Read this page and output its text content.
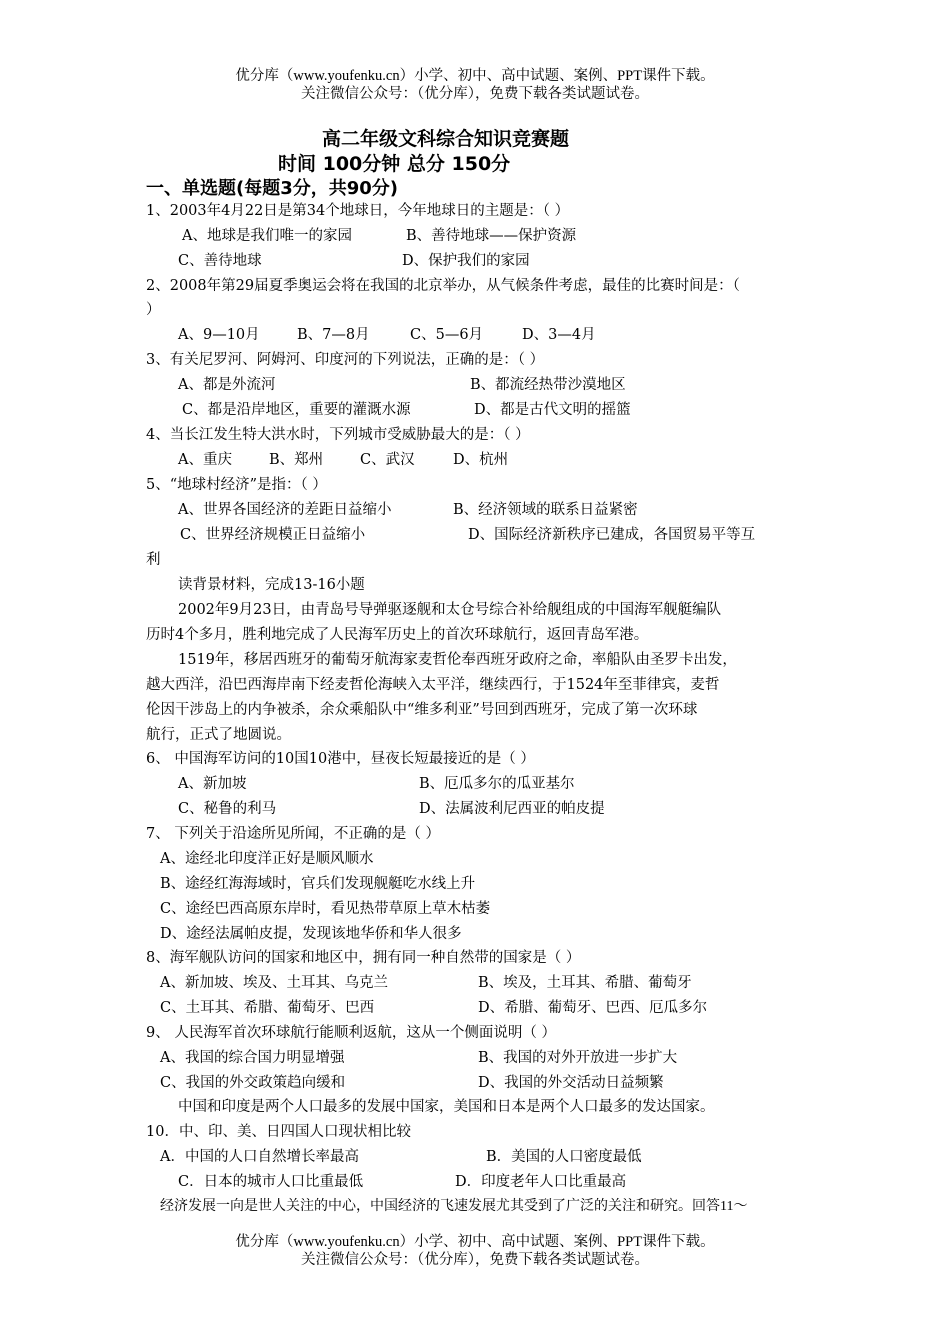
优分库（www.youfenku.cn）小学、初中、高中试题、案例、PPT课件下载。
关注微信公众号：（优分库），免费下载各类试题试卷。
高二年级文科综合知识竞赛题
时间 100分钟 总分 150分
一、单选题(每题3分，共90分)
1、2003年4月22日是第34个地球日，今年地球日的主题是：（ ）
A、地球是我们唯一的家园	B、善待地球——保护资源
C、善待地球	D、保护我们的家园
2、2008年第29届夏季奥运会将在我国的北京举办，从气候条件考虑，最佳的比赛时间是：（
）
A、9—10月	B、7—8月	C、5—6月	D、3—4月
3、有关尼罗河、阿姆河、印度河的下列说法，正确的是：（ ）
A、都是外流河	B、都流经热带沙漠地区
C、都是沿岸地区，重要的灌溉水源	D、都是古代文明的摇篮
4、当长江发生特大洪水时，下列城市受威胁最大的是：（ ）
A、重庆	B、郑州	C、武汉	D、杭州
5、“地球村经济”是指：（ ）
A、世界各国经济的差距日益缩小	B、经济领域的联系日益紧密
C、世界经济规模正日益缩小	D、国际经济新秩序已建成，各国贸易平等互
利
读背景材料，完成13-16小题
2002年9月23日，由青岛号导弹驱逐舰和太仓号综合补给舰组成的中国海军舰艇编队
历时4个多月，胜利地完成了人民海军历史上的首次环球航行，返回青岛军港。
1519年，移居西班牙的葡萄牙航海家麦哲伦奉西班牙政府之命，率船队由圣罗卡出发，
越大西洋，沿巴西海岸南下经麦哲伦海峡入太平洋，继续西行，于1524年至菲律宾，麦哲
伦因干涉岛上的内争被杀，余众乘船队中“维多利亚”号回到西班牙，完成了第一次环球
航行，正式了地圆说。
6、 中国海军访问的10国10港中，昼夜长短最接近的是（ ）
A、新加坡	B、厄瓜多尔的瓜亚基尔
C、秘鲁的利马	D、法属波利尼西亚的帕皮提
7、 下列关于沿途所见所闻，不正确的是（ ）
A、途经北印度洋正好是顺风顺水
B、途经红海海域时，官兵们发现舰艇吃水线上升
C、途经巴西高原东岸时，看见热带草原上草木枯萎
D、途经法属帕皮提，发现该地华侨和华人很多
8、海军舰队访问的国家和地区中，拥有同一种自然带的国家是（ ）
A、新加坡、埃及、土耳其、乌克兰	B、埃及，土耳其、希腊、葡萄牙
C、土耳其、希腊、葡萄牙、巴西	D、希腊、葡萄牙、巴西、厄瓜多尔
9、 人民海军首次环球航行能顺利返航，这从一个侧面说明（ ）
A、我国的综合国力明显增强	B、我国的对外开放进一步扩大
C、我国的外交政策趋向缓和	D、我国的外交活动日益频繁
中国和印度是两个人口最多的发展中国家，美国和日本是两个人口最多的发达国家。
10．中、印、美、日四国人口现状相比较
A．中国的人口自然增长率最高	B．美国的人口密度最低
C．日本的城市人口比重最低	D．印度老年人口比重最高
经济发展一向是世人关注的中心，中国经济的飞速发展尤其受到了广泛的关注和研究。回答11～
优分库（www.youfenku.cn）小学、初中、高中试题、案例、PPT课件下载。
关注微信公众号：（优分库），免费下载各类试题试卷。
